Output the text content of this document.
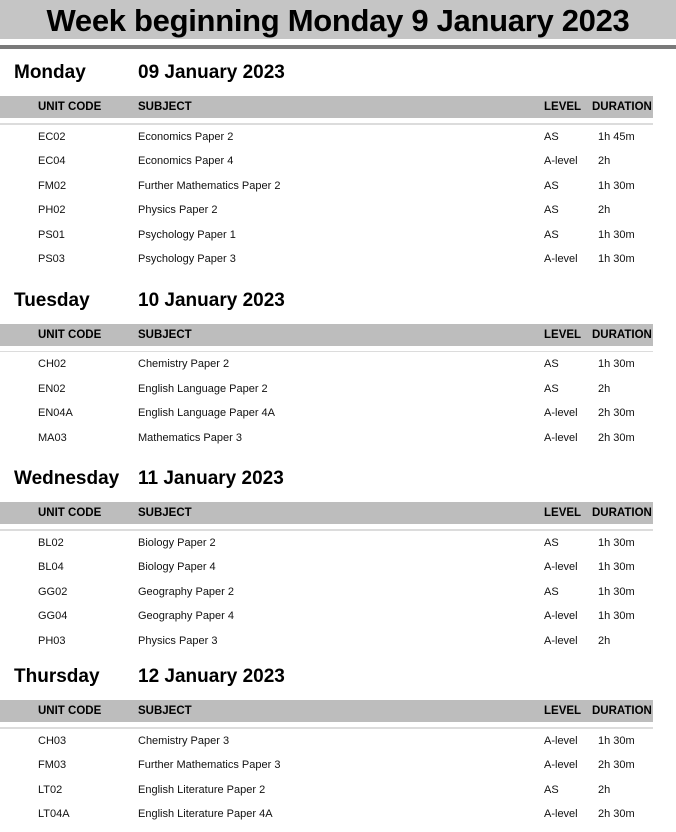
Week beginning Monday 9 January 2023
Monday	09 January 2023
UNIT CODE	SUBJECT	LEVEL DURATION
EC02	Economics Paper 2	AS	1h 45m
EC04	Economics Paper 4	A-level	2h
FM02	Further Mathematics Paper 2	AS	1h 30m
PH02	Physics Paper 2	AS	2h
PS01	Psychology Paper 1	AS	1h 30m
PS03	Psychology Paper 3	A-level	1h 30m
Tuesday	10 January 2023
UNIT CODE	SUBJECT	LEVEL DURATION
CH02	Chemistry Paper 2	AS	1h 30m
EN02	English Language Paper 2	AS	2h
EN04A	English Language Paper 4A	A-level	2h 30m
MA03	Mathematics Paper 3	A-level	2h 30m
Wednesday 11 January 2023
UNIT CODE	SUBJECT	LEVEL DURATION
BL02	Biology Paper 2	AS	1h 30m
BL04	Biology Paper 4	A-level	1h 30m
GG02	Geography Paper 2	AS	1h 30m
GG04	Geography Paper 4	A-level	1h 30m
PH03	Physics Paper 3	A-level	2h
Thursday	12 January 2023
UNIT CODE	SUBJECT	LEVEL DURATION
CH03	Chemistry Paper 3	A-level	1h 30m
FM03	Further Mathematics Paper 3	A-level	2h 30m
LT02	English Literature Paper 2	AS	2h
LT04A	English Literature Paper 4A	A-level	2h 30m
